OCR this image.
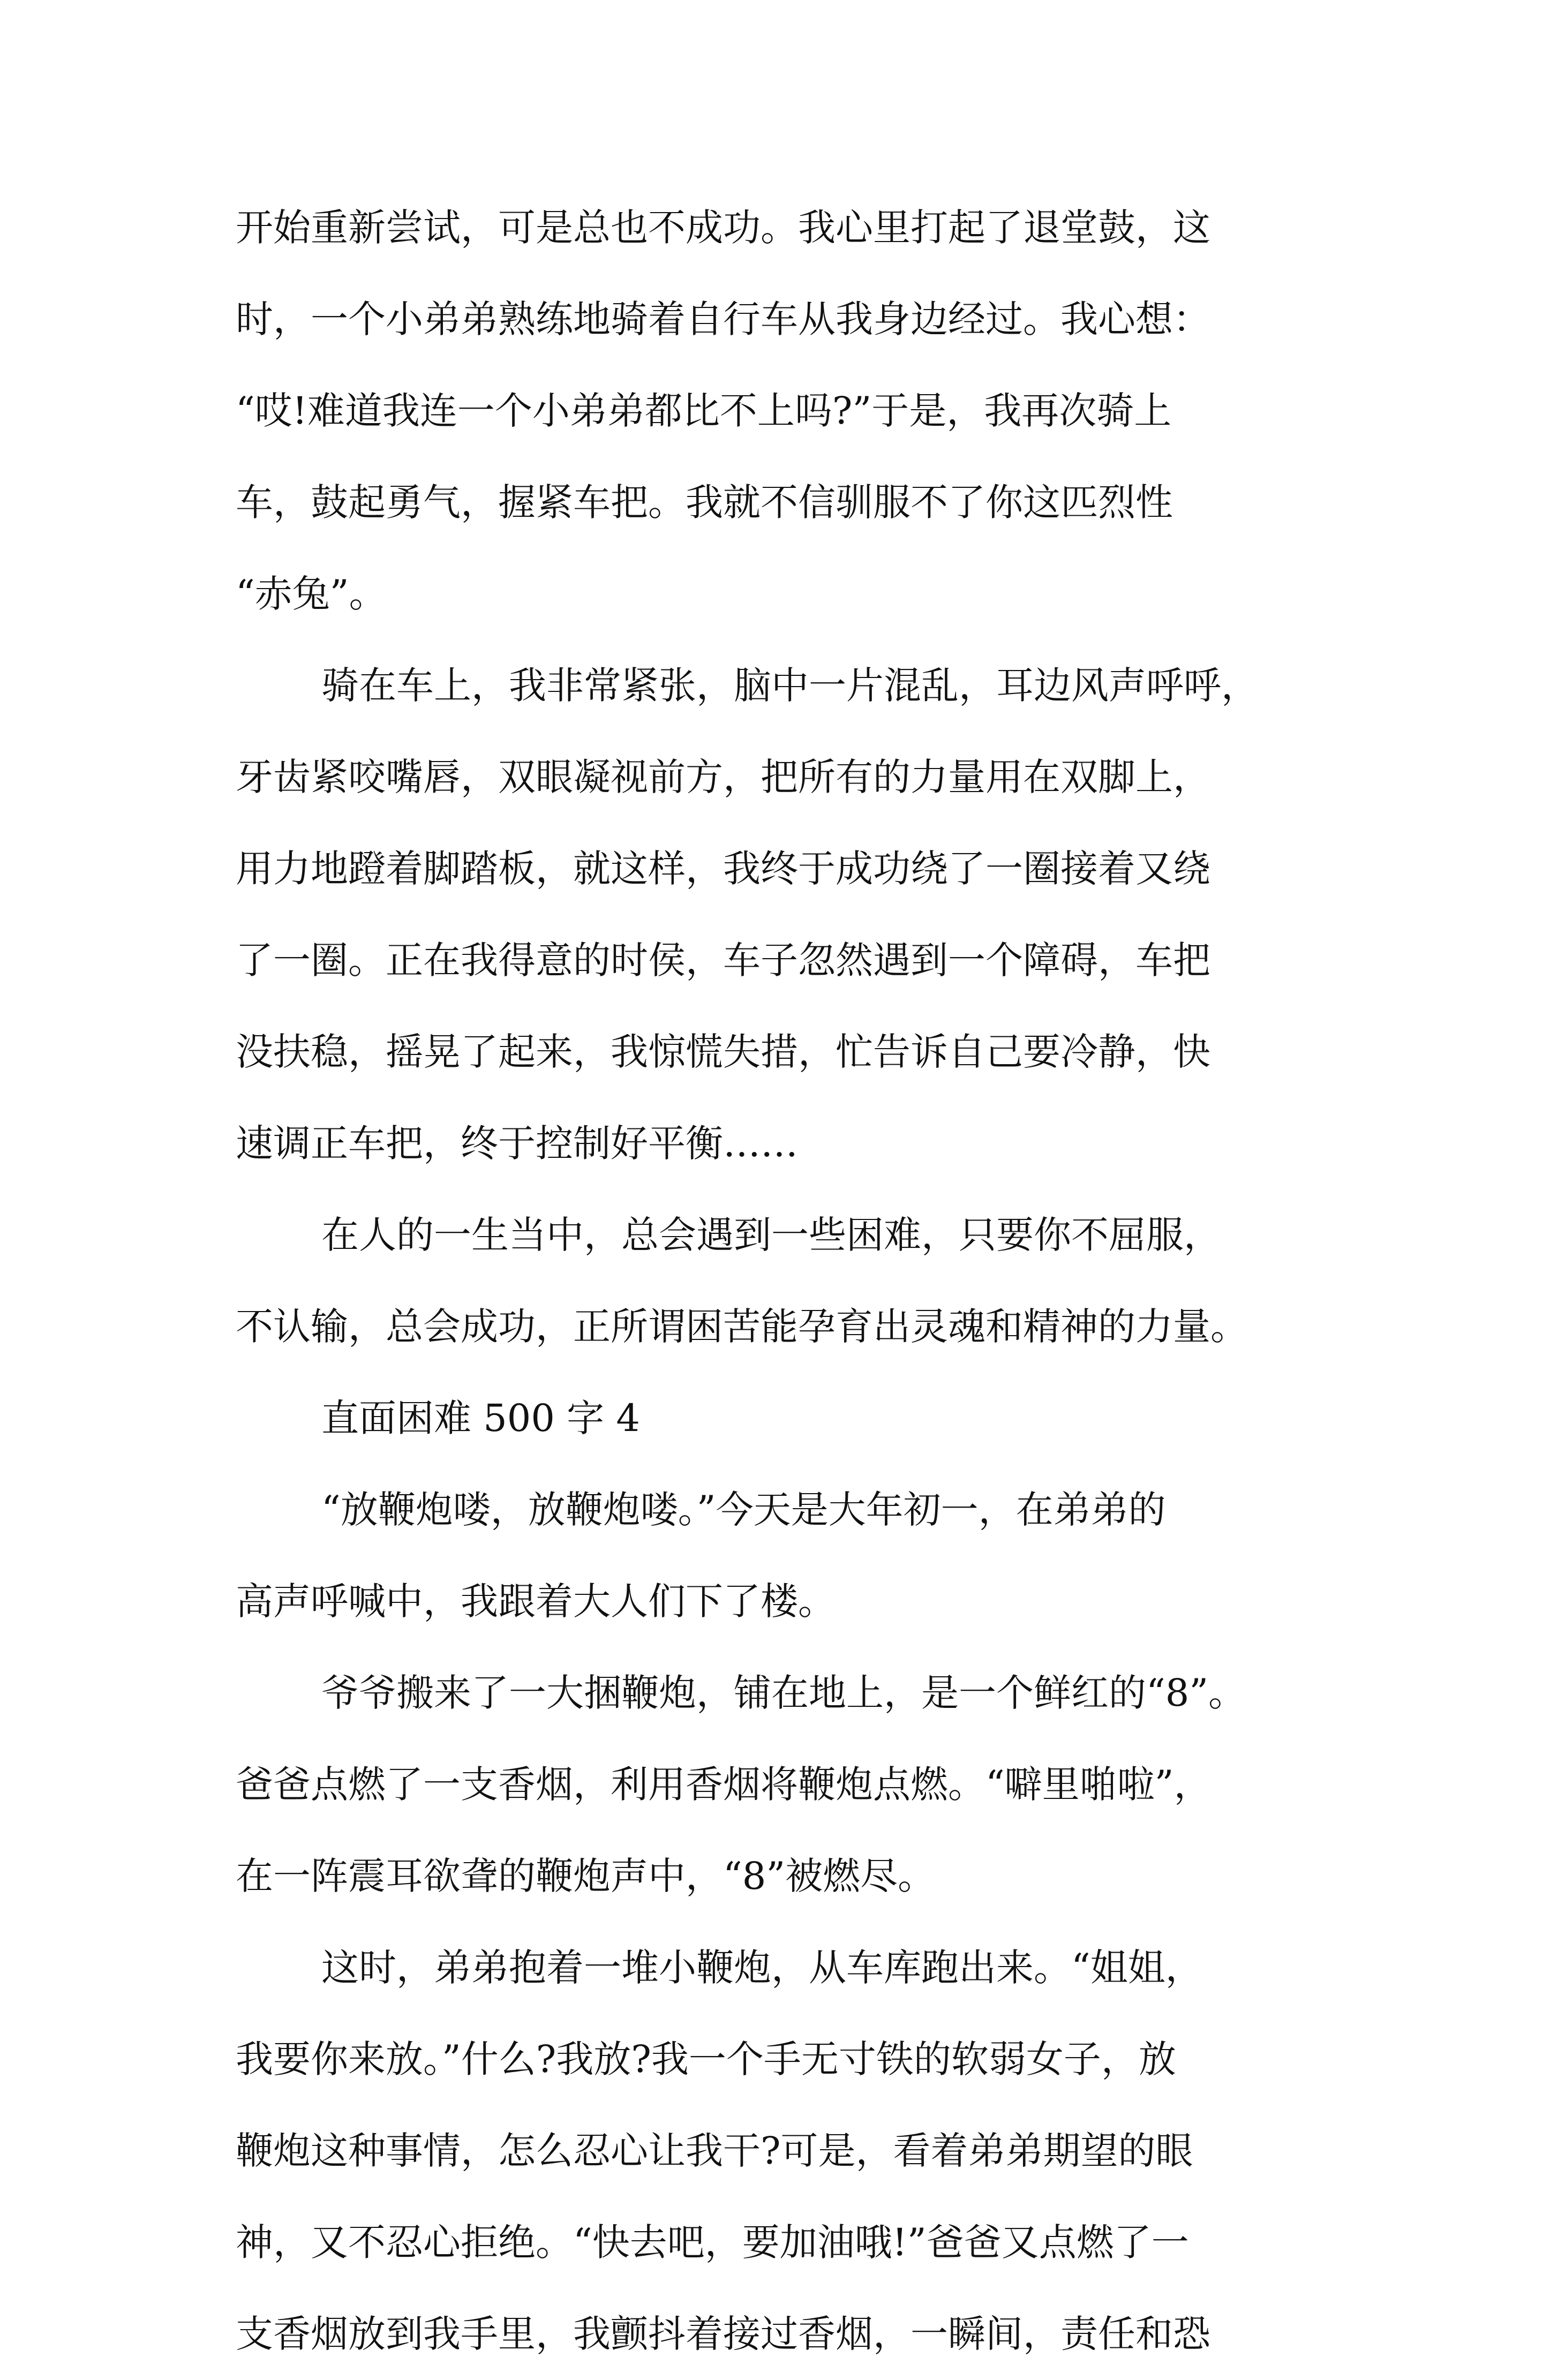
开始重新尝试，可是总也不成功。我心里打起了退堂鼓，这
时，一个小弟弟熟练地骑着自行车从我身边经过。我心想：
“哎!难道我连一个小弟弟都比不上吗?”于是，我再次骑上
车，鼓起勇气，握紧车把。我就不信驯服不了你这匹烈性
“赤兔”。
骑在车上，我非常紧张，脑中一片混乱，耳边风声呼呼，
牙齿紧咬嘴唇，双眼凝视前方，把所有的力量用在双脚上，
用力地蹬着脚踏板，就这样，我终于成功绕了一圈接着又绕
了一圈。正在我得意的时侯，车子忽然遇到一个障碍，车把
没扶稳，摇晃了起来，我惊慌失措，忙告诉自己要冷静，快
速调正车把，终于控制好平衡……
在人的一生当中，总会遇到一些困难，只要你不屈服，
不认输，总会成功，正所谓困苦能孕育出灵魂和精神的力量。
直面困难 500 字 4
“放鞭炮喽，放鞭炮喽。”今天是大年初一，在弟弟的
高声呼喊中，我跟着大人们下了楼。
爷爷搬来了一大捆鞭炮，铺在地上，是一个鲜红的“8”。
爸爸点燃了一支香烟，利用香烟将鞭炮点燃。“噼里啪啦”，
在一阵震耳欲聋的鞭炮声中，“8”被燃尽。
这时，弟弟抱着一堆小鞭炮，从车库跑出来。“姐姐，
我要你来放。”什么?我放?我一个手无寸铁的软弱女子，放
鞭炮这种事情，怎么忍心让我干?可是，看着弟弟期望的眼
神，又不忍心拒绝。“快去吧，要加油哦!”爸爸又点燃了一
支香烟放到我手里，我颤抖着接过香烟，一瞬间，责任和恐
